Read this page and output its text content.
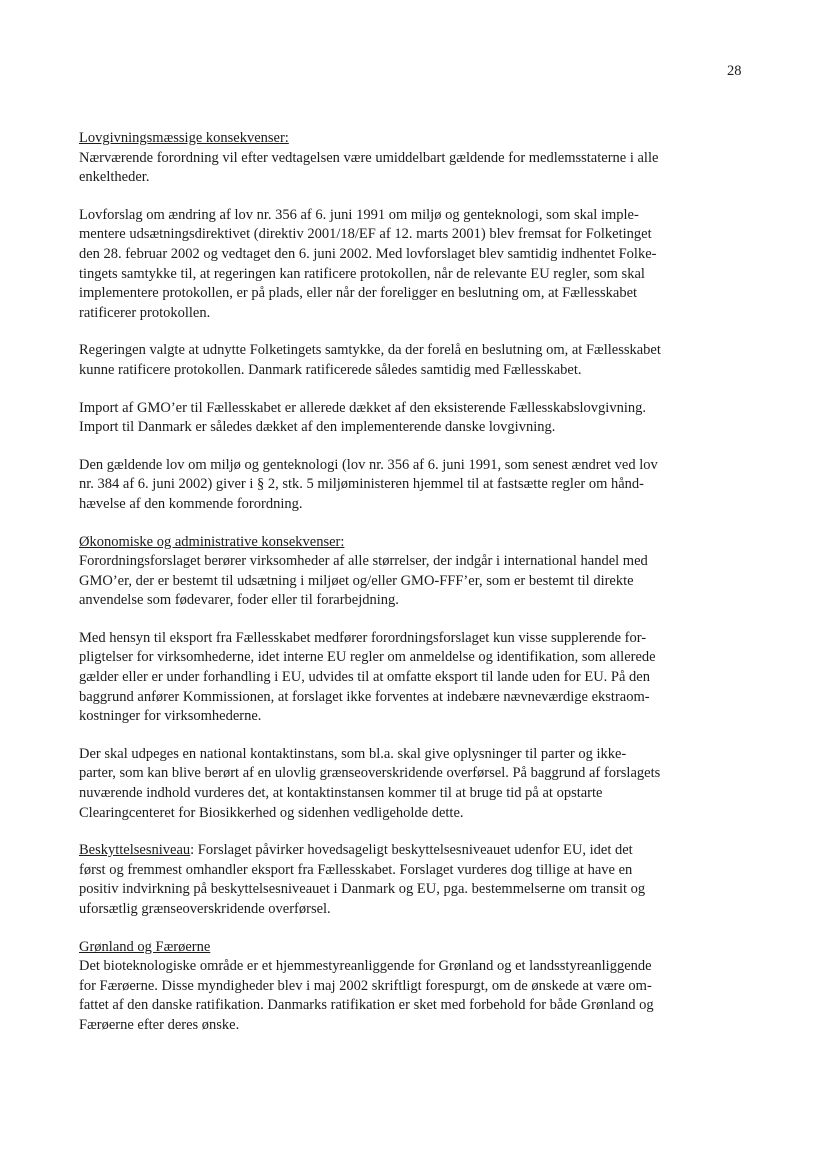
28

Lovgivningsmæssige konsekvenser:
Nærværende forordning vil efter vedtagelsen være umiddelbart gældende for medlemsstaterne i alle
enkeltheder.

Lovforslag om ændring af lov nr. 356 af 6. juni 1991 om miljø og genteknologi, som skal imple-
mentere udsætningsdirektivet (direktiv 2001/18/EF af 12. marts 2001) blev fremsat for Folketinget
den 28. februar 2002 og vedtaget den 6. juni 2002. Med lovforslaget blev samtidig indhentet Folke-
tingets samtykke til, at regeringen kan ratificere protokollen, når de relevante EU regler, som skal
implementere protokollen, er på plads, eller når der foreligger en beslutning om, at Fællesskabet
ratificerer protokollen.

Regeringen valgte at udnytte Folketingets samtykke, da der forelå en beslutning om, at Fællesskabet
kunne ratificere protokollen. Danmark ratificerede således samtidig med Fællesskabet.

Import af GMO’er til Fællesskabet er allerede dækket af den eksisterende Fællesskabslovgivning.
Import til Danmark er således dækket af den implementerende danske lovgivning.

Den gældende lov om miljø og genteknologi (lov nr. 356 af 6. juni 1991, som senest ændret ved lov
nr. 384 af 6. juni 2002) giver i § 2, stk. 5 miljøministeren hjemmel til at fastsætte regler om hånd-
hævelse af den kommende forordning.

Økonomiske og administrative konsekvenser:
Forordningsforslaget berører virksomheder af alle størrelser, der indgår i international handel med
GMO’er, der er bestemt til udsætning i miljøet og/eller GMO-FFF’er, som er bestemt til direkte
anvendelse som fødevarer, foder eller til forarbejdning.

Med hensyn til eksport fra Fællesskabet medfører forordningsforslaget kun visse supplerende for-
pligtelser for virksomhederne, idet interne EU regler om anmeldelse og identifikation, som allerede
gælder eller er under forhandling i EU, udvides til at omfatte eksport til lande uden for EU. På den
baggrund anfører Kommissionen, at forslaget ikke forventes at indebære nævneværdige ekstraom-
kostninger for virksomhederne.

Der skal udpeges en national kontaktinstans, som bl.a. skal give oplysninger til parter og ikke-
parter, som kan blive berørt af en ulovlig grænseoverskridende overførsel. På baggrund af forslagets
nuværende indhold vurderes det, at kontaktinstansen kommer til at bruge tid på at opstarte
Clearingcenteret for Biosikkerhed og sidenhen vedligeholde dette.

Beskyttelsesniveau: Forslaget påvirker hovedsageligt beskyttelsesniveauet udenfor EU, idet det
først og fremmest omhandler eksport fra Fællesskabet. Forslaget vurderes dog tillige at have en
positiv indvirkning på beskyttelsesniveauet i Danmark og EU, pga. bestemmelserne om transit og
uforsætlig grænseoverskridende overførsel.

Grønland og Færøerne
Det bioteknologiske område er et hjemmestyreanliggende for Grønland og et landsstyreanliggende
for Færøerne. Disse myndigheder blev i maj 2002 skriftligt forespurgt, om de ønskede at være om-
fattet af den danske ratifikation. Danmarks ratifikation er sket med forbehold for både Grønland og
Færøerne efter deres ønske.
